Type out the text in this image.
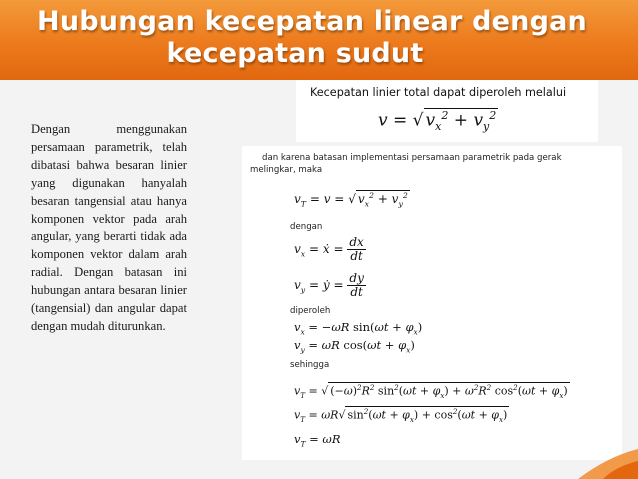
Hubungan kecepatan linear dengan
kecepatan sudut
Dengan menggunakan persamaan parametrik, telah dibatasi bahwa besaran linier yang digunakan hanyalah besaran tangensial atau hanya komponen vektor pada arah angular, yang berarti tidak ada komponen vektor dalam arah radial. Dengan batasan ini hubungan antara besaran linier (tangensial) dan angular dapat dengan mudah diturunkan.
Kecepatan linier total dapat diperoleh melalui
v = √ $v_x^2 + v_y^2$
dan karena batasan implementasi persamaan parametrik pada gerak melingkar, maka
$v_T = v$ = √ $v_x^2 + v_y^2$
dengan
$v_x$ = ẋ = $\frac{dx}{dt}$
$v_y$ = ẏ = $\frac{dy}{dt}$
diperoleh
$v_x = -\omega R$ $\sin(\omega t + \varphi_x)$
$v_y = \omega R$ $\cos(\omega t + \varphi_x)$
sehingga
$v_T$ = √ $(-\omega)^2R^2$ $\sin^2(\omega t + \varphi_x) + \omega^2R^2$ $\cos^2(\omega t + \varphi_x)$
$v_T = \omega R√$ $\sin^2(\omega t + \varphi_x) + \cos^2(\omega t + \varphi_x)$
$v_T = \omega R$
